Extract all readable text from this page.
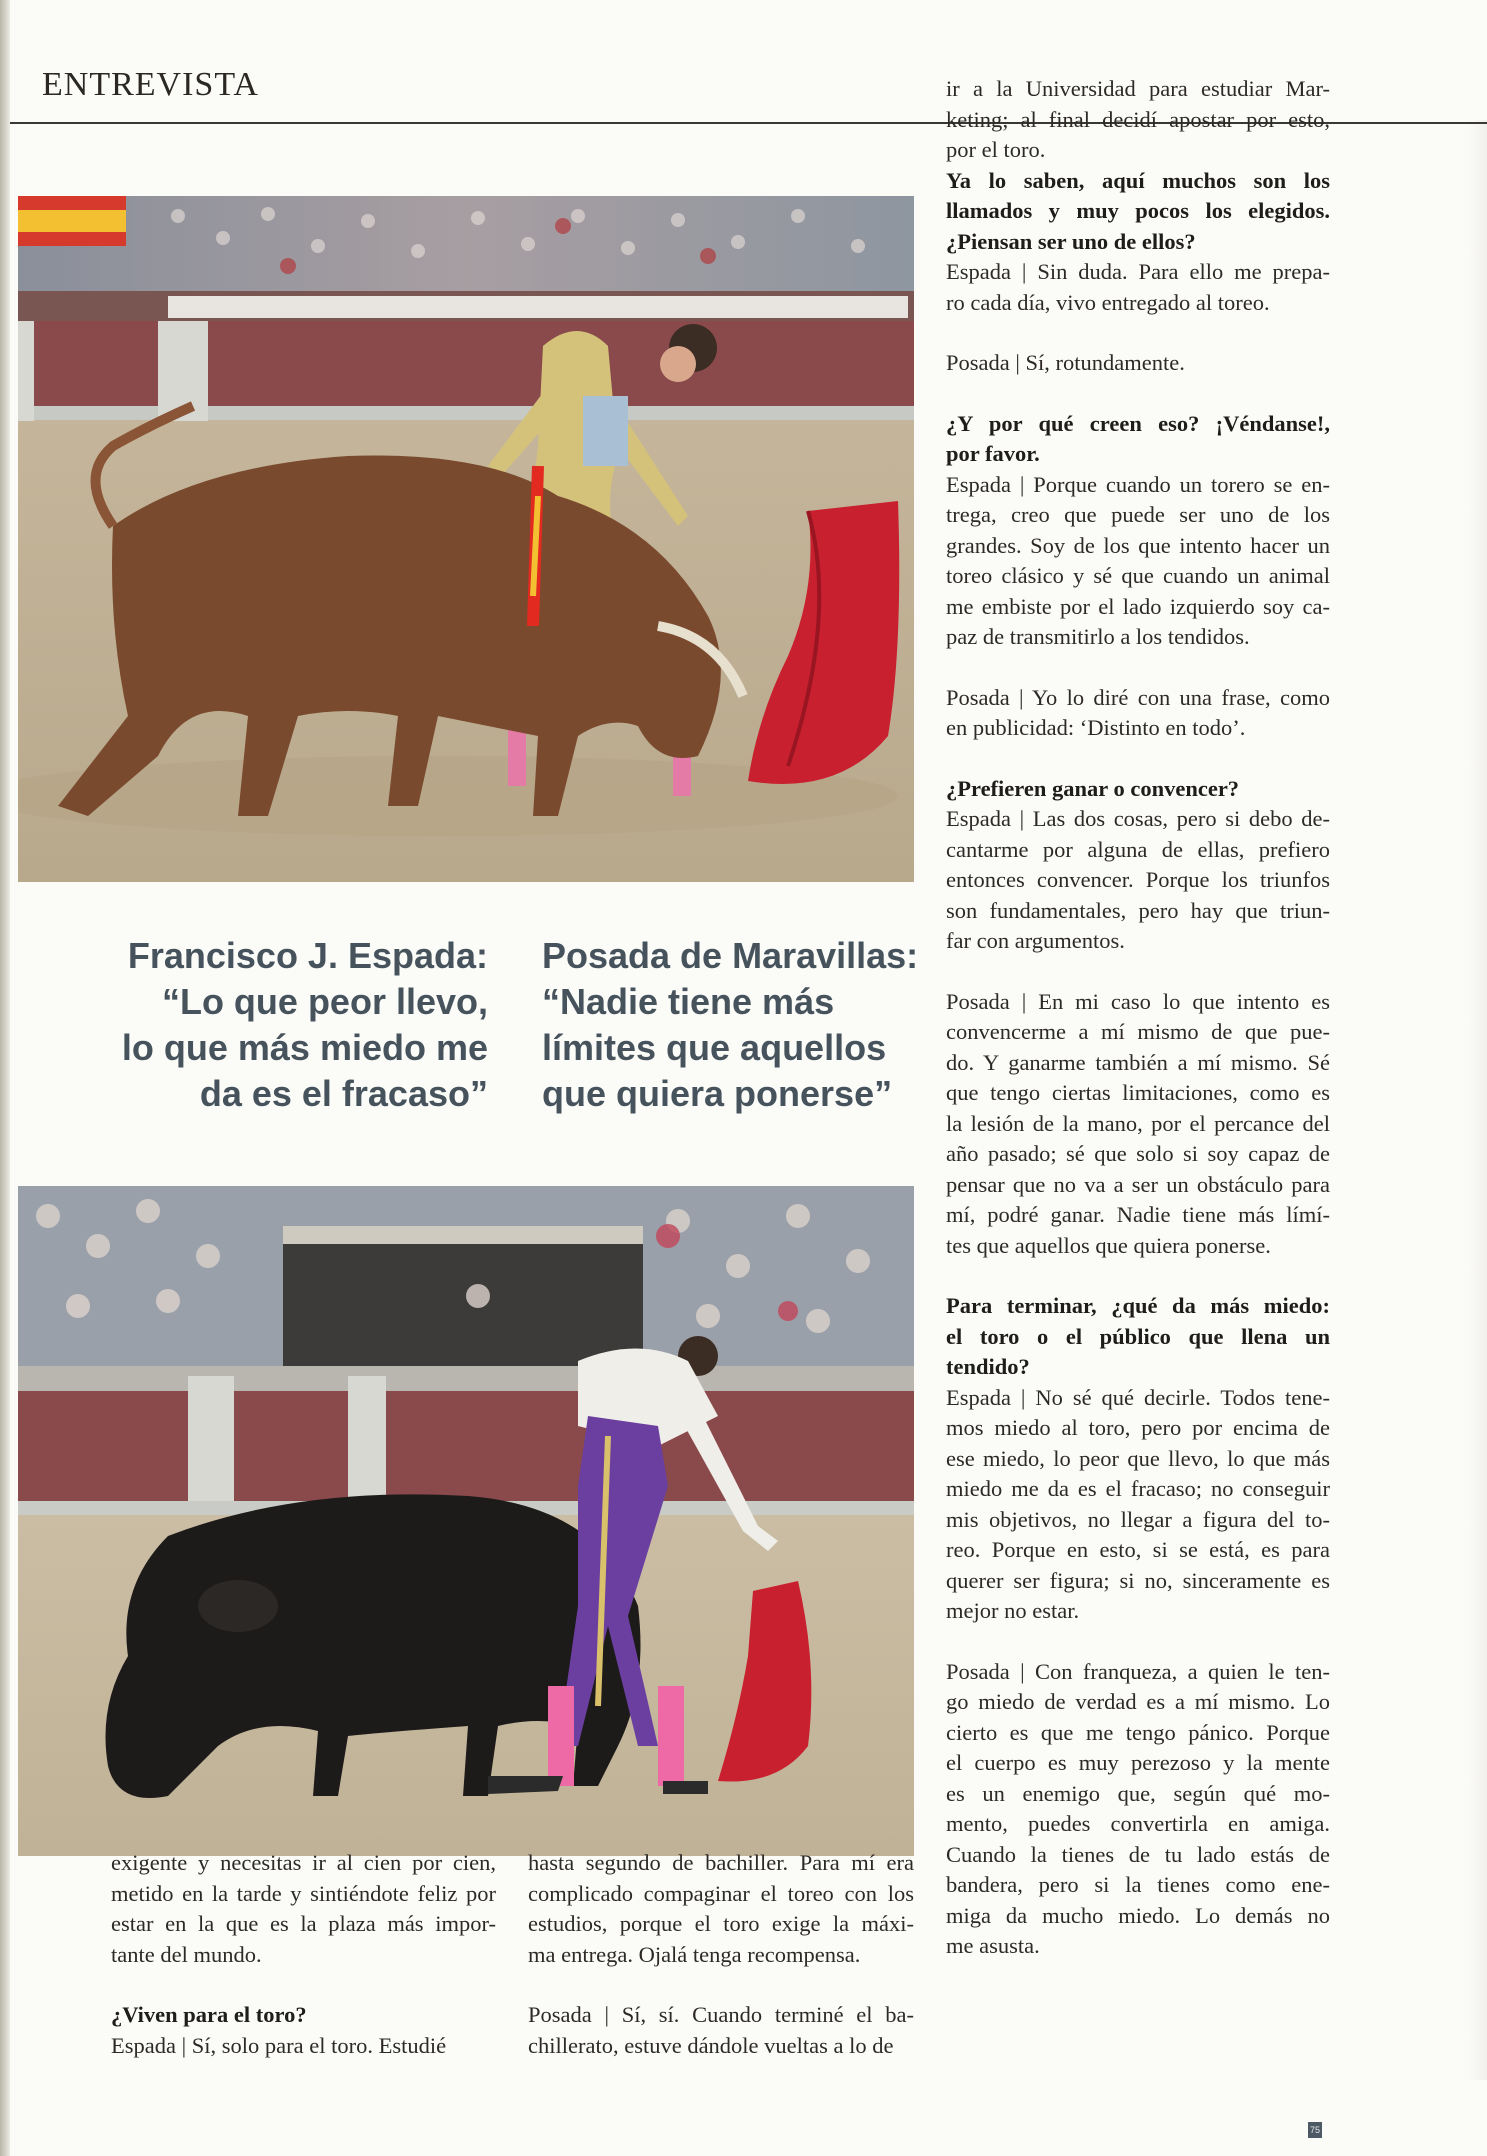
ENTREVISTA
Francisco J. Espada:
“Lo que peor llevo,
lo que más miedo me
da es el fracaso”
Posada de Maravillas:
“Nadie tiene más
límites que aquellos
que quiera ponerse”

ir a la Universidad para estudiar Mar-
keting; al final decidí apostar por esto,
por el toro.

Ya lo saben, aquí muchos son los
llamados y muy pocos los elegidos.
¿Piensan ser uno de ellos?

Espada | Sin duda. Para ello me prepa-
ro cada día, vivo entregado al toreo.

Posada | Sí, rotundamente.

¿Y por qué creen eso? ¡Véndanse!,
por favor.

Espada | Porque cuando un torero se en-
trega, creo que puede ser uno de los
grandes. Soy de los que intento hacer un
toreo clásico y sé que cuando un animal
me embiste por el lado izquierdo soy ca-
paz de transmitirlo a los tendidos.

Posada | Yo lo diré con una frase, como
en publicidad: ‘Distinto en todo’.

¿Prefieren ganar o convencer?

Espada | Las dos cosas, pero si debo de-
cantarme por alguna de ellas, prefiero
entonces convencer. Porque los triunfos
son fundamentales, pero hay que triun-
far con argumentos.

Posada | En mi caso lo que intento es
convencerme a mí mismo de que pue-
do. Y ganarme también a mí mismo. Sé
que tengo ciertas limitaciones, como es
la lesión de la mano, por el percance del
año pasado; sé que solo si soy capaz de
pensar que no va a ser un obstáculo para
mí, podré ganar. Nadie tiene más límí-
tes que aquellos que quiera ponerse.

Para terminar, ¿qué da más miedo:
el toro o el público que llena un
tendido?

Espada | No sé qué decirle. Todos tene-
mos miedo al toro, pero por encima de
ese miedo, lo peor que llevo, lo que más
miedo me da es el fracaso; no conseguir
mis objetivos, no llegar a figura del to-
reo. Porque en esto, si se está, es para
querer ser figura; si no, sinceramente es
mejor no estar.

Posada | Con franqueza, a quien le ten-
go miedo de verdad es a mí mismo. Lo
cierto es que me tengo pánico. Porque
el cuerpo es muy perezoso y la mente
es un enemigo que, según qué mo-
mento, puedes convertirla en amiga.
Cuando la tienes de tu lado estás de
bandera, pero si la tienes como ene-
miga da mucho miedo. Lo demás no
me asusta.

exigente y necesitas ir al cien por cien,
metido en la tarde y sintiéndote feliz por
estar en la que es la plaza más impor-
tante del mundo.

¿Viven para el toro?

Espada | Sí, solo para el toro. Estudié

hasta segundo de bachiller. Para mí era
complicado compaginar el toreo con los
estudios, porque el toro exige la máxi-
ma entrega. Ojalá tenga recompensa.

Posada | Sí, sí. Cuando terminé el ba-
chillerato, estuve dándole vueltas a lo de

75
